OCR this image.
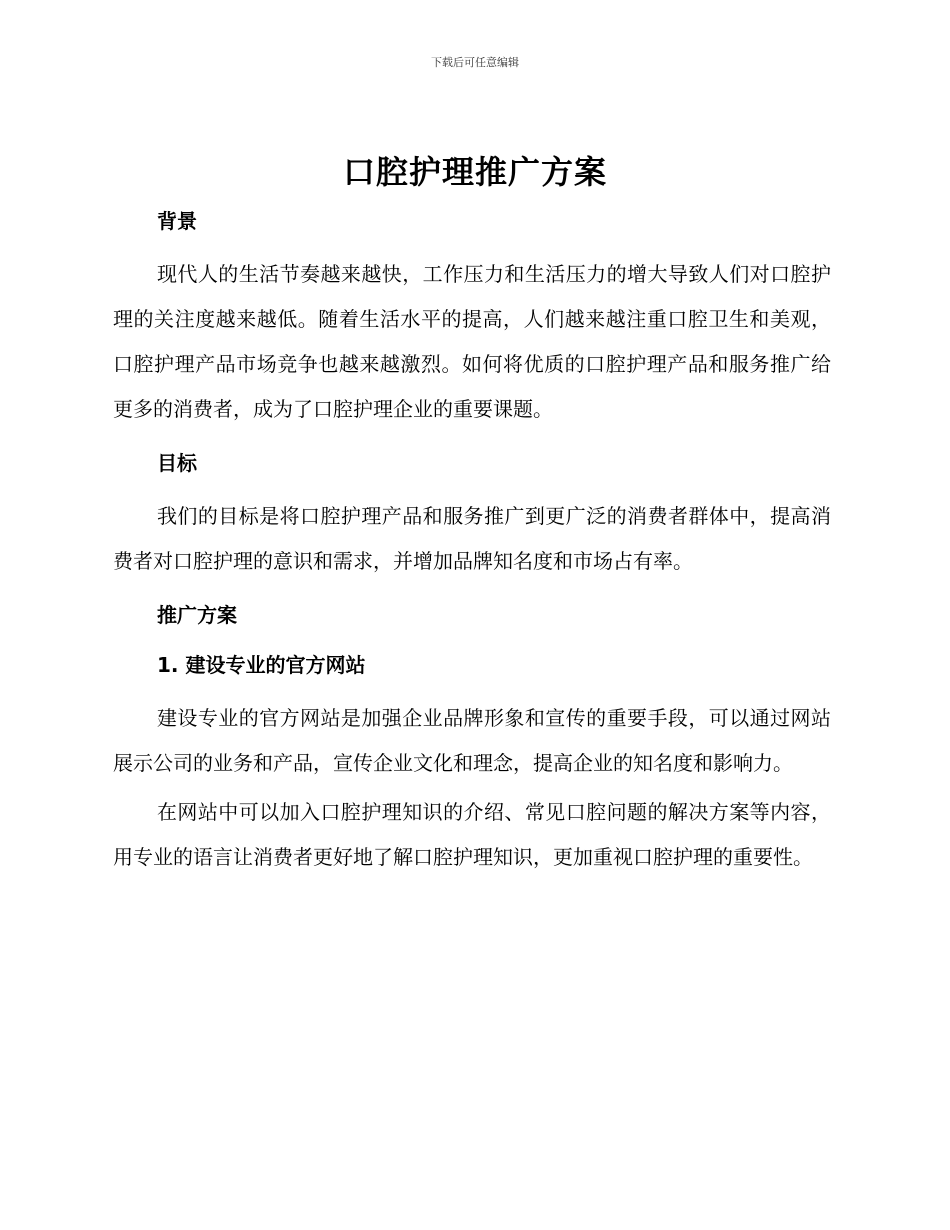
下载后可任意编辑
口腔护理推广方案
背景

现代人的生活节奏越来越快，工作压力和生活压力的增大导致人们对口腔护理的关注度越来越低。随着生活水平的提高，人们越来越注重口腔卫生和美观，口腔护理产品市场竞争也越来越激烈。如何将优质的口腔护理产品和服务推广给更多的消费者，成为了口腔护理企业的重要课题。

目标

我们的目标是将口腔护理产品和服务推广到更广泛的消费者群体中，提高消费者对口腔护理的意识和需求，并增加品牌知名度和市场占有率。

推广方案
1. 建设专业的官方网站

建设专业的官方网站是加强企业品牌形象和宣传的重要手段，可以通过网站展示公司的业务和产品，宣传企业文化和理念，提高企业的知名度和影响力。

在网站中可以加入口腔护理知识的介绍、常见口腔问题的解决方案等内容，用专业的语言让消费者更好地了解口腔护理知识，更加重视口腔护理的重要性。
